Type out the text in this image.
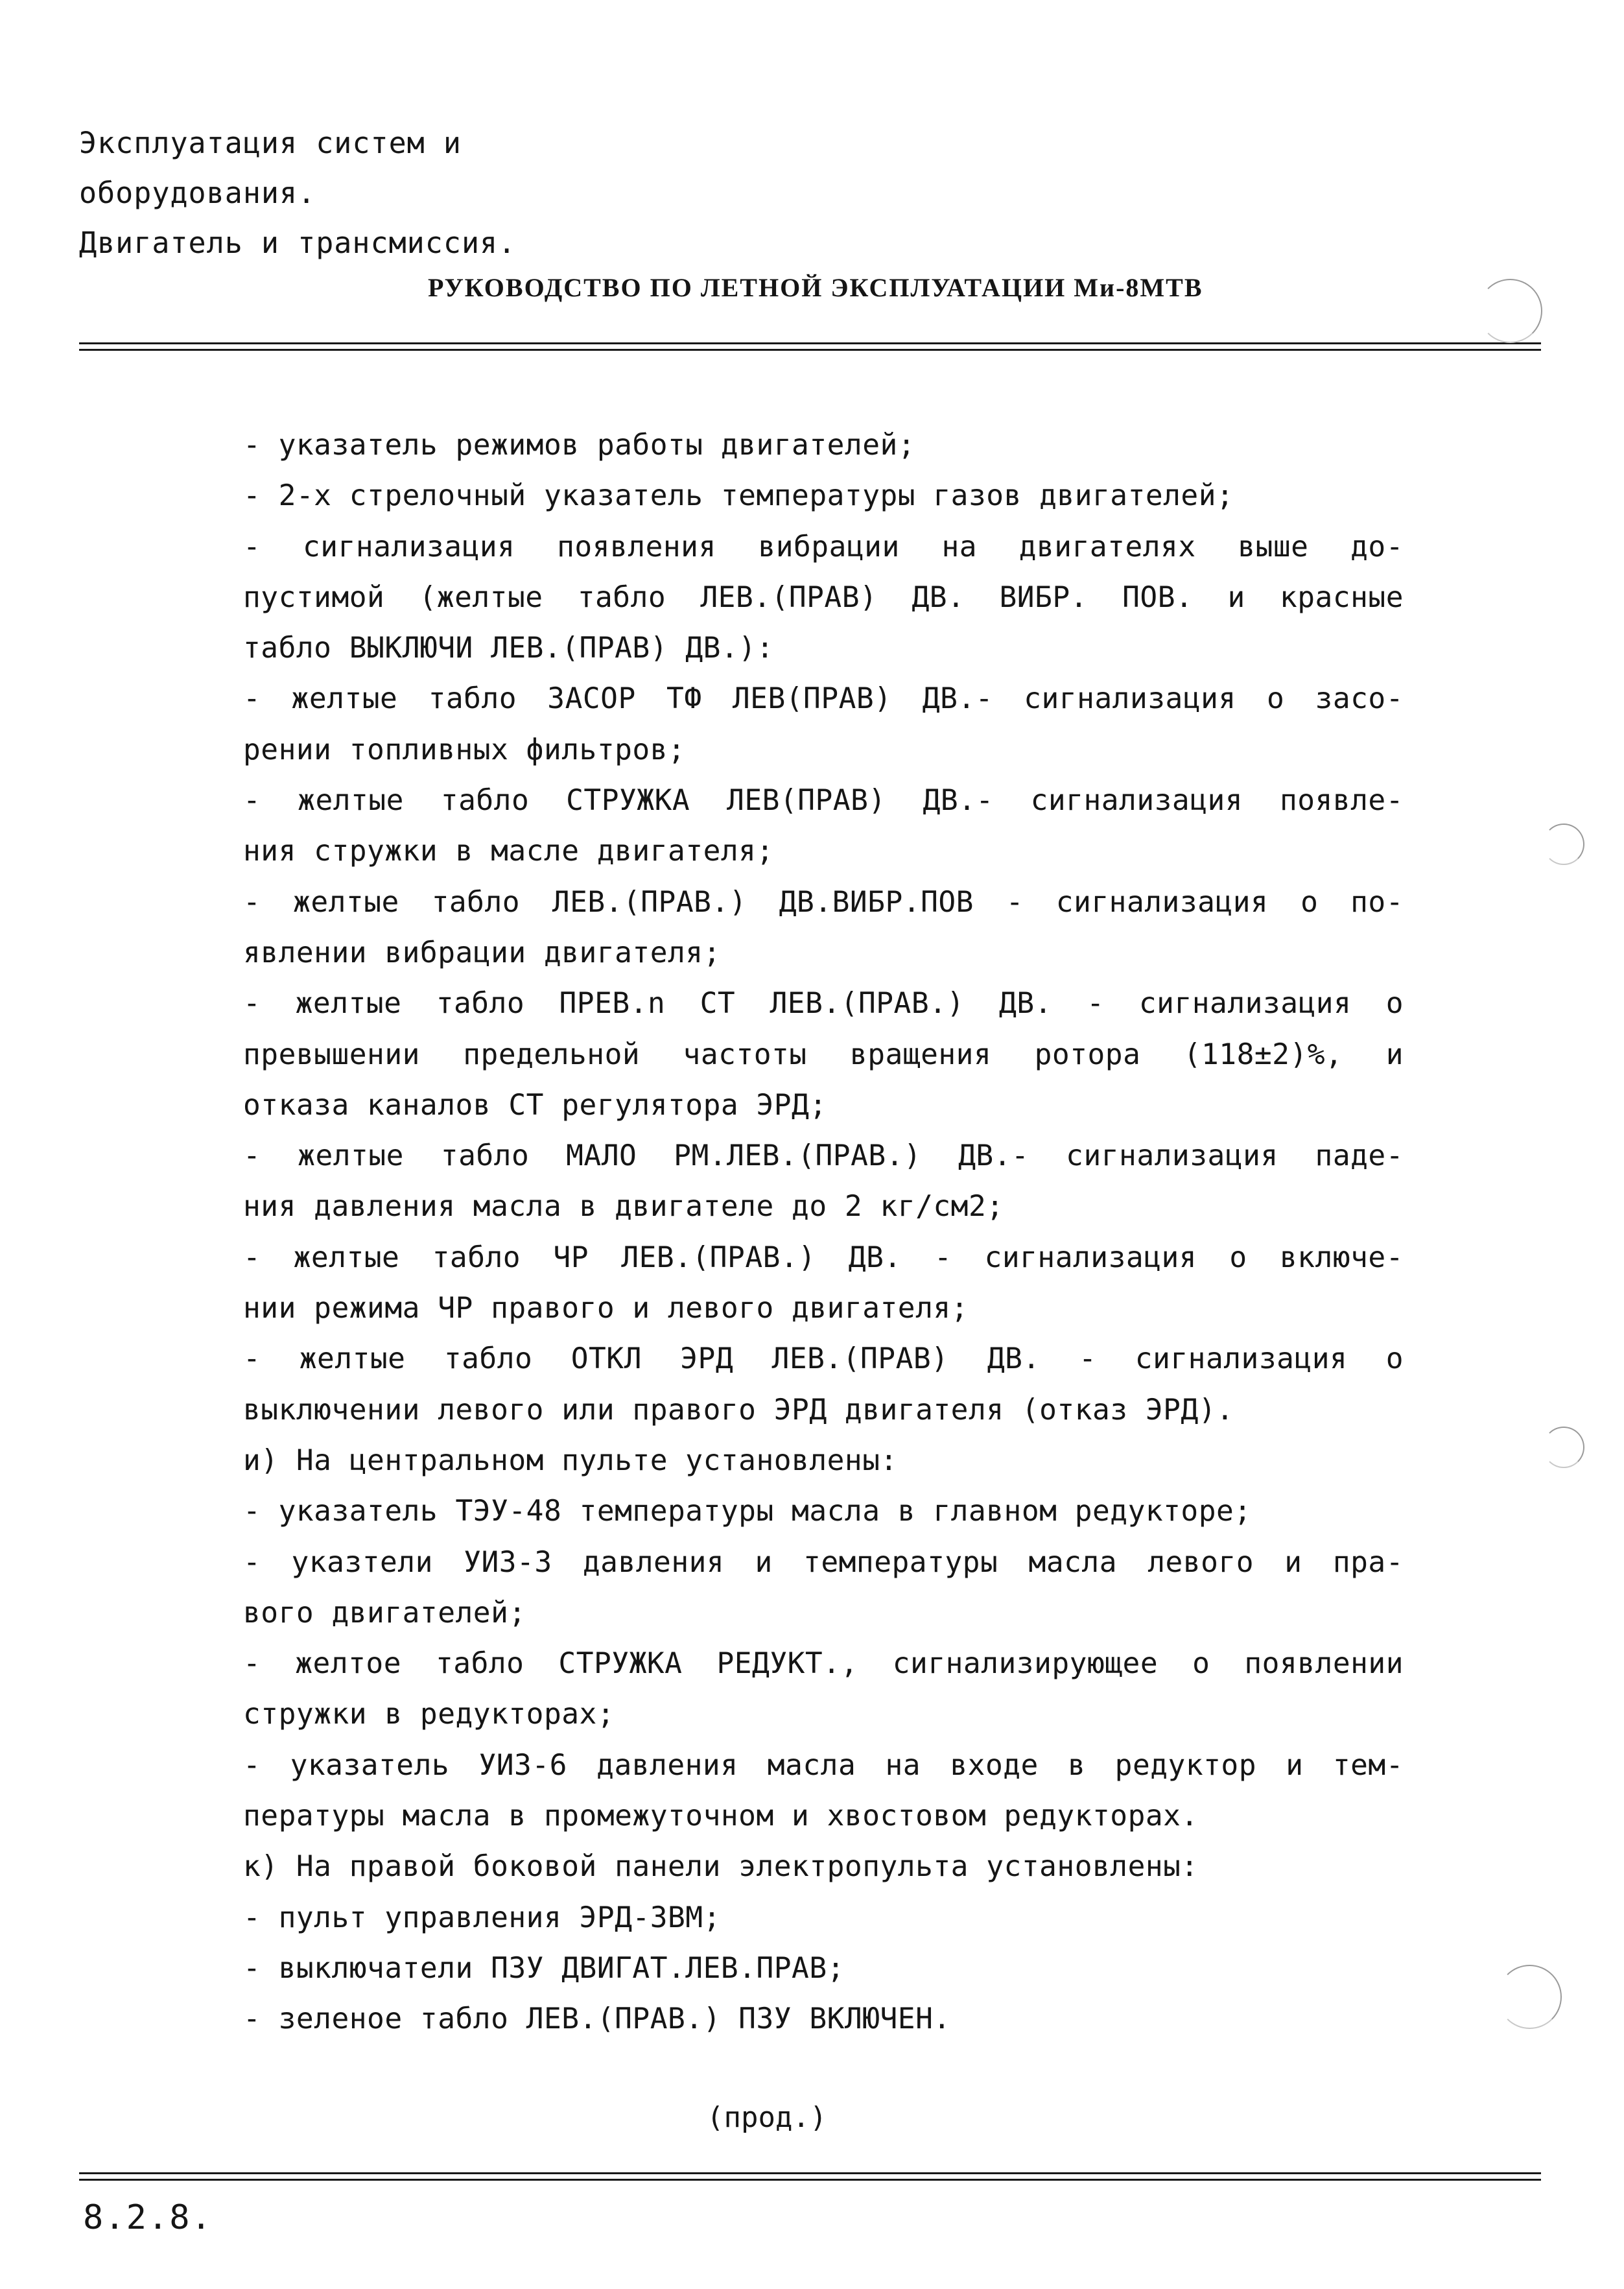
Эксплуатация систем и
оборудования.
Двигатель и трансмиссия.
РУКОВОДСТВО ПО ЛЕТНОЙ ЭКСПЛУАТАЦИИ Ми-8МТВ
- указатель режимов работы двигателей;
- 2-х стрелочный указатель температуры газов двигателей;
- сигнализация появления вибрации на двигателях выше до-
пустимой (желтые табло ЛЕВ.(ПРАВ) ДВ. ВИБР. ПОВ. и красные
табло ВЫКЛЮЧИ ЛЕВ.(ПРАВ) ДВ.):
- желтые табло ЗАСОР ТФ ЛЕВ(ПРАВ) ДВ.- сигнализация о засо-
рении топливных фильтров;
- желтые табло СТРУЖКА ЛЕВ(ПРАВ) ДВ.- сигнализация появле-
ния стружки в масле двигателя;
- желтые табло ЛЕВ.(ПРАВ.) ДВ.ВИБР.ПОВ - сигнализация о по-
явлении вибрации двигателя;
- желтые табло ПРЕВ.n СТ ЛЕВ.(ПРАВ.) ДВ. - сигнализация о
превышении предельной частоты вращения ротора (118±2)%, и
отказа каналов СТ регулятора ЭРД;
- желтые табло МАЛО РМ.ЛЕВ.(ПРАВ.) ДВ.- сигнализация паде-
ния давления масла в двигателе до 2 кг/см2;
- желтые табло ЧР ЛЕВ.(ПРАВ.) ДВ. - сигнализация о включе-
нии режима ЧР правого и левого двигателя;
- желтые табло ОТКЛ ЭРД ЛЕВ.(ПРАВ) ДВ. - сигнализация о
выключении левого или правого ЭРД двигателя (отказ ЭРД).
и) На центральном пульте установлены:
- указатель ТЭУ-48 температуры масла в главном редукторе;
- указтели УИЗ-3 давления и температуры масла левого и пра-
вого двигателей;
- желтое табло СТРУЖКА РЕДУКТ., сигнализирующее о появлении
стружки в редукторах;
- указатель УИЗ-6 давления масла на входе в редуктор и тем-
пературы масла в промежуточном и хвостовом редукторах.
к) На правой боковой панели электропульта установлены:
- пульт управления ЭРД-3ВМ;
- выключатели ПЗУ ДВИГАТ.ЛЕВ.ПРАВ;
- зеленое табло ЛЕВ.(ПРАВ.) ПЗУ ВКЛЮЧЕН.
(прод.)
8.2.8.
